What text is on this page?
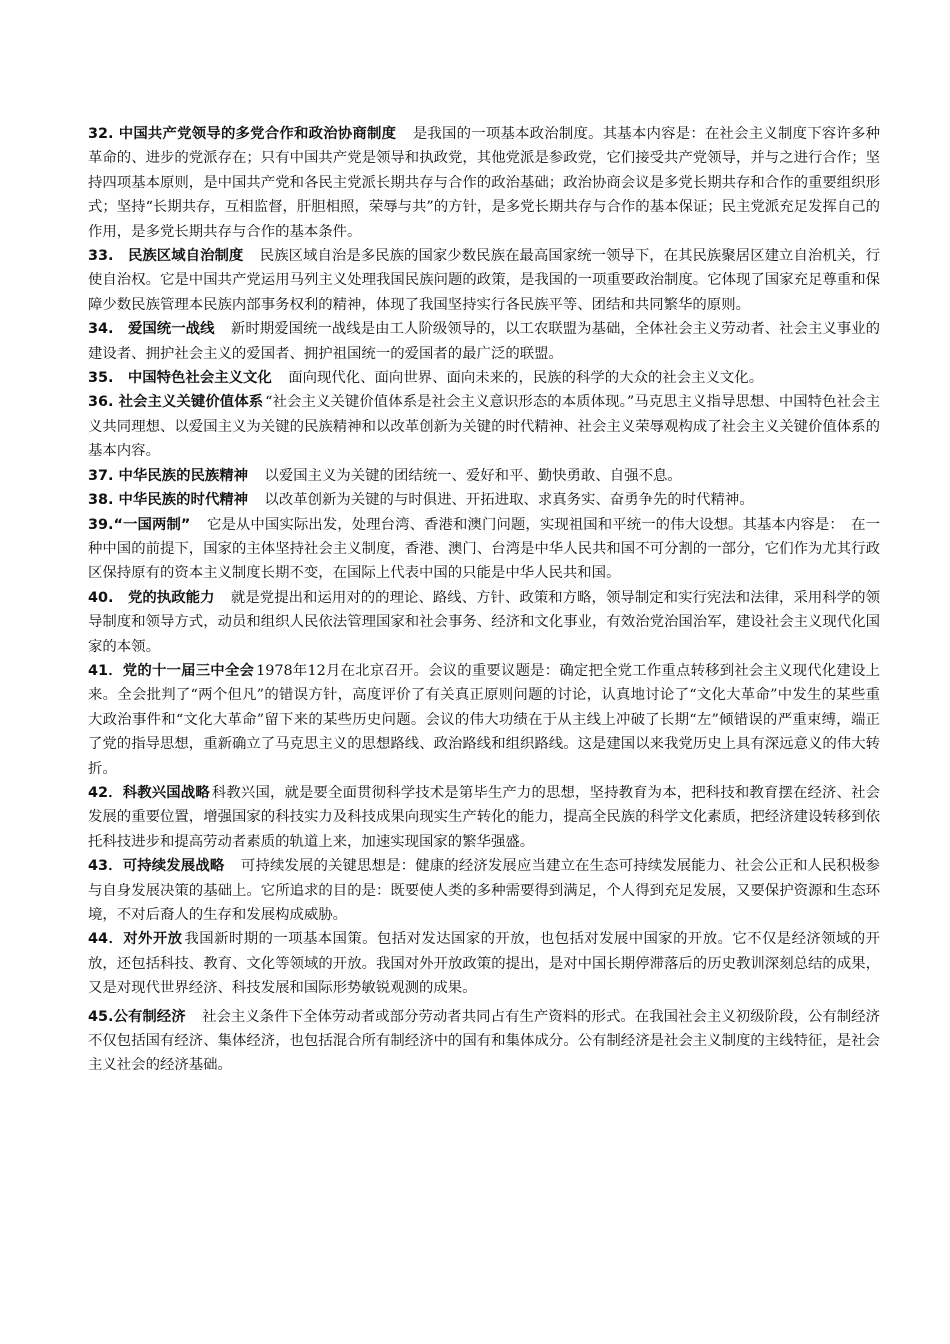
32. 中国共产党领导的多党合作和政治协商制度　是我国的一项基本政治制度。其基本内容是：在社会主义制度下容许多种革命的、进步的党派存在；只有中国共产党是领导和执政党，其他党派是参政党，它们接受共产党领导，并与之进行合作；坚持四项基本原则，是中国共产党和各民主党派长期共存与合作的政治基础；政治协商会议是多党长期共存和合作的重要组织形式；坚持“长期共存，互相监督，肝胆相照，荣辱与共”的方针，是多党长期共存与合作的基本保证；民主党派充足发挥自己的作用，是多党长期共存与合作的基本条件。

33.　民族区域自治制度　民族区域自治是多民族的国家少数民族在最高国家统一领导下，在其民族聚居区建立自治机关，行使自治权。它是中国共产党运用马列主义处理我国民族问题的政策，是我国的一项重要政治制度。它体现了国家充足尊重和保障少数民族管理本民族内部事务权利的精神，体现了我国坚持实行各民族平等、团结和共同繁华的原则。

34.　爱国统一战线　新时期爱国统一战线是由工人阶级领导的，以工农联盟为基础，全体社会主义劳动者、社会主义事业的建设者、拥护社会主义的爱国者、拥护祖国统一的爱国者的最广泛的联盟。

35.　中国特色社会主义文化　面向现代化、面向世界、面向未来的，民族的科学的大众的社会主义文化。

36. 社会主义关键价值体系 “社会主义关键价值体系是社会主义意识形态的本质体现。”马克思主义指导思想、中国特色社会主义共同理想、以爱国主义为关键的民族精神和以改革创新为关键的时代精神、社会主义荣辱观构成了社会主义关键价值体系的基本内容。

37. 中华民族的民族精神　以爱国主义为关键的团结统一、爱好和平、勤快勇敢、自强不息。

38. 中华民族的时代精神　以改革创新为关键的与时俱进、开拓进取、求真务实、奋勇争先的时代精神。

39.“一国两制”　它是从中国实际出发，处理台湾、香港和澳门问题，实现祖国和平统一的伟大设想。其基本内容是：　在一种中国的前提下，国家的主体坚持社会主义制度，香港、澳门、台湾是中华人民共和国不可分割的一部分，它们作为尤其行政区保持原有的资本主义制度长期不变，在国际上代表中国的只能是中华人民共和国。

40.　党的执政能力　就是党提出和运用对的的理论、路线、方针、政策和方略，领导制定和实行宪法和法律，采用科学的领导制度和领导方式，动员和组织人民依法管理国家和社会事务、经济和文化事业，有效治党治国治军，建设社会主义现代化国家的本领。

41．党的十一届三中全会 1978年12月在北京召开。会议的重要议题是：确定把全党工作重点转移到社会主义现代化建设上来。全会批判了“两个但凡”的错误方针，高度评价了有关真正原则问题的讨论，认真地讨论了“文化大革命”中发生的某些重大政治事件和“文化大革命”留下来的某些历史问题。会议的伟大功绩在于从主线上冲破了长期“左”倾错误的严重束缚，端正了党的指导思想，重新确立了马克思主义的思想路线、政治路线和组织路线。这是建国以来我党历史上具有深远意义的伟大转折。

42．科教兴国战略 科教兴国，就是要全面贯彻科学技术是第毕生产力的思想，坚持教育为本，把科技和教育摆在经济、社会发展的重要位置，增强国家的科技实力及科技成果向现实生产转化的能力，提高全民族的科学文化素质，把经济建设转移到依托科技进步和提高劳动者素质的轨道上来，加速实现国家的繁华强盛。

43．可持续发展战略　可持续发展的关键思想是：健康的经济发展应当建立在生态可持续发展能力、社会公正和人民积极参与自身发展决策的基础上。它所追求的目的是：既要使人类的多种需要得到满足，个人得到充足发展，又要保护资源和生态环境，不对后裔人的生存和发展构成威胁。

44．对外开放 我国新时期的一项基本国策。包括对发达国家的开放，也包括对发展中国家的开放。它不仅是经济领域的开放，还包括科技、教育、文化等领域的开放。我国对外开放政策的提出，是对中国长期停滞落后的历史教训深刻总结的成果，又是对现代世界经济、科技发展和国际形势敏锐观测的成果。

45.公有制经济　社会主义条件下全体劳动者或部分劳动者共同占有生产资料的形式。在我国社会主义初级阶段，公有制经济不仅包括国有经济、集体经济，也包括混合所有制经济中的国有和集体成分。公有制经济是社会主义制度的主线特征，是社会主义社会的经济基础。
